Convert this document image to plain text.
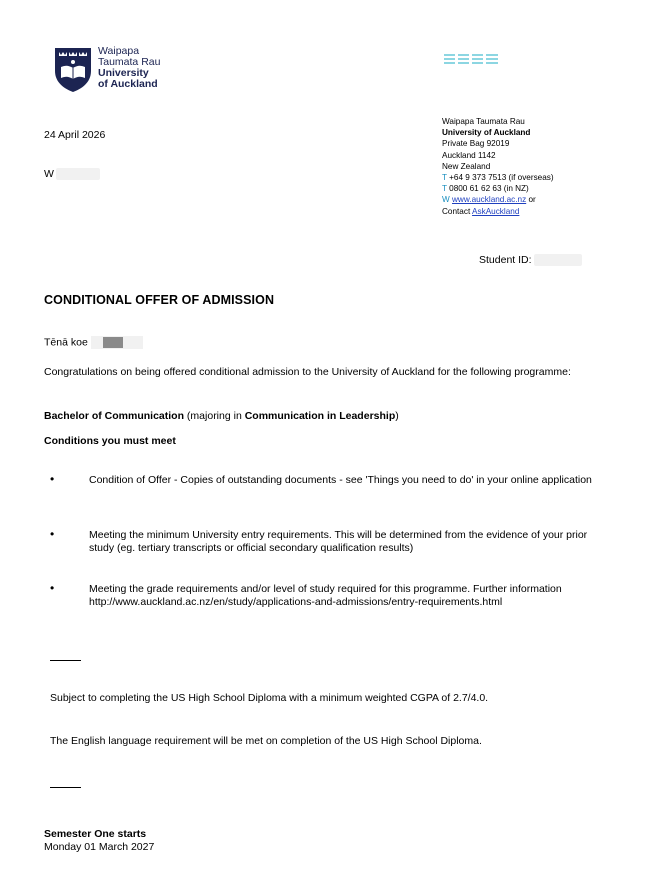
Waipapa
Taumata Rau
University
of Auckland
24 April 2026
W
Waipapa Taumata Rau
University of Auckland
Private Bag 92019
Auckland 1142
New Zealand
T +64 9 373 7513 (if overseas)
T 0800 61 62 63 (in NZ)
W www.auckland.ac.nz or
Contact AskAuckland
Student ID:
CONDITIONAL OFFER OF ADMISSION
Tēnā koe
Congratulations on being offered conditional admission to the University of Auckland for the following programme:
Bachelor of Communication (majoring in Communication in Leadership)
Conditions you must meet
•	Condition of Offer - Copies of outstanding documents - see 'Things you need to do' in your online application
•	Meeting the minimum University entry requirements. This will be determined from the evidence of your prior study (eg. tertiary transcripts or official secondary qualification results)
•	Meeting the grade requirements and/or level of study required for this programme. Further information http://www.auckland.ac.nz/en/study/applications-and-admissions/entry-requirements.html
Subject to completing the US High School Diploma with a minimum weighted CGPA of 2.7/4.0.
The English language requirement will be met on completion of the US High School Diploma.
Semester One starts
Monday 01 March 2027
